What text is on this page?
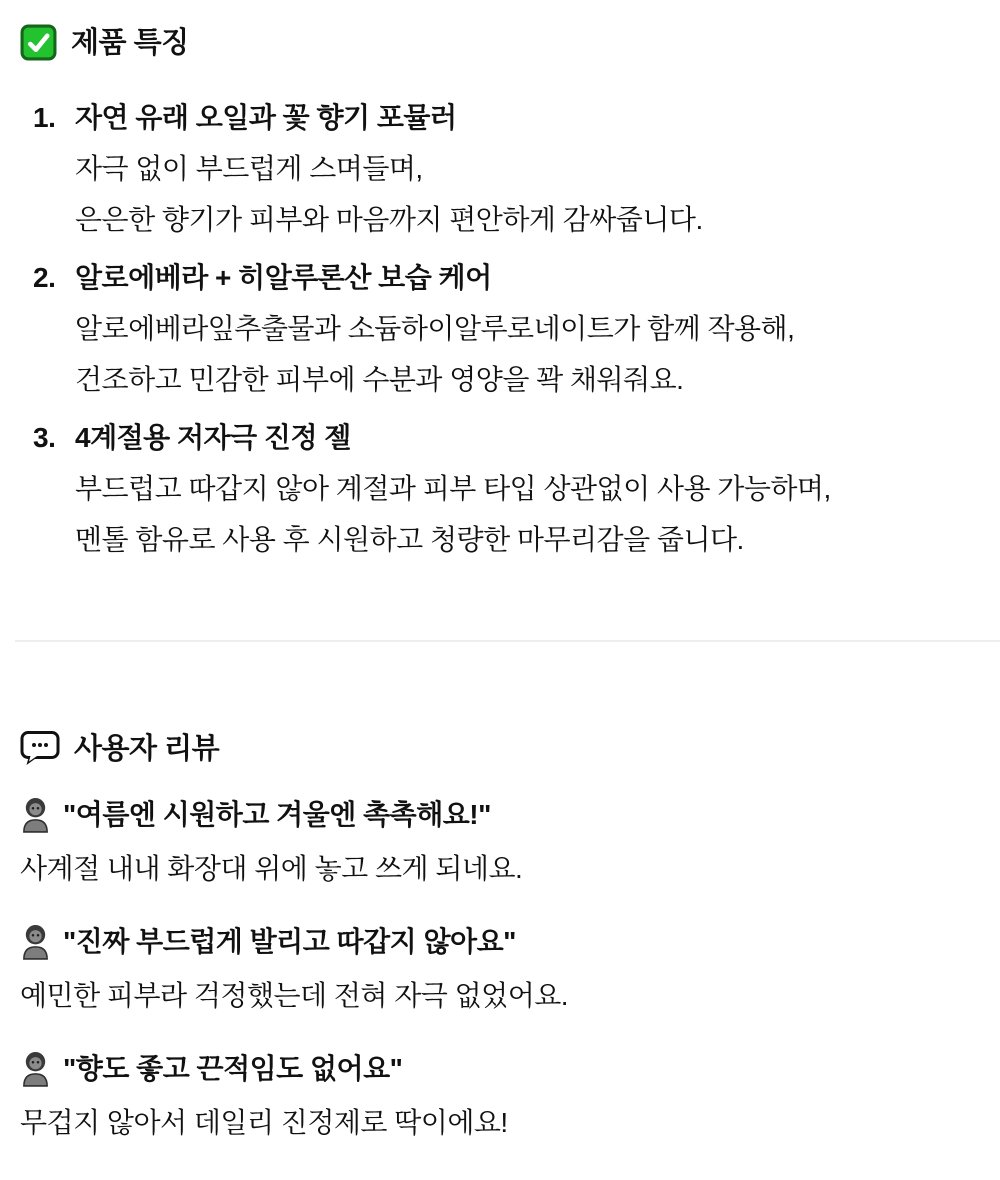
제품 특징
1. 자연 유래 오일과 꽃 향기 포뮬러
자극 없이 부드럽게 스며들며,
은은한 향기가 피부와 마음까지 편안하게 감싸줍니다.
2. 알로에베라 + 히알루론산 보습 케어
알로에베라잎추출물과 소듐하이알루로네이트가 함께 작용해,
건조하고 민감한 피부에 수분과 영양을 꽉 채워줘요.
3. 4계절용 저자극 진정 젤
부드럽고 따갑지 않아 계절과 피부 타입 상관없이 사용 가능하며,
멘톨 함유로 사용 후 시원하고 청량한 마무리감을 줍니다.
사용자 리뷰
"여름엔 시원하고 겨울엔 촉촉해요!"
사계절 내내 화장대 위에 놓고 쓰게 되네요.
"진짜 부드럽게 발리고 따갑지 않아요"
예민한 피부라 걱정했는데 전혀 자극 없었어요.
"향도 좋고 끈적임도 없어요"
무겁지 않아서 데일리 진정제로 딱이에요!
